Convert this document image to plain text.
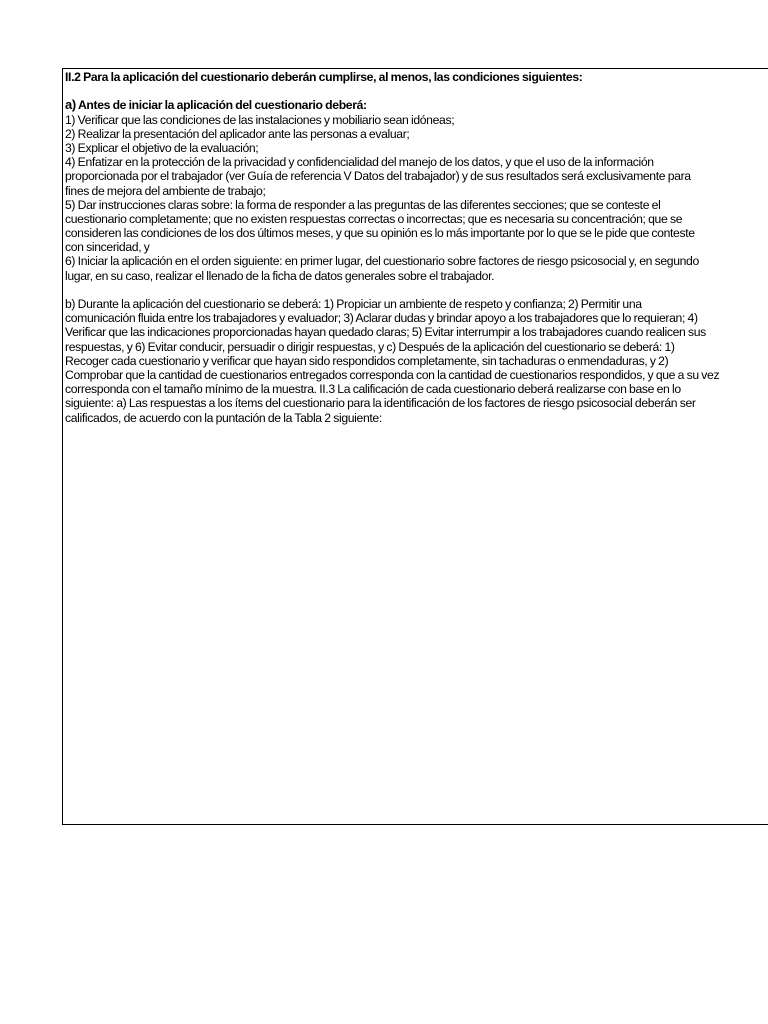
II.2 Para la aplicación del cuestionario deberán cumplirse, al menos, las condiciones siguientes:
a) Antes de iniciar la aplicación del cuestionario deberá:
1) Verificar que las condiciones de las instalaciones y mobiliario sean idóneas;
2) Realizar la presentación del aplicador ante las personas a evaluar;
3) Explicar el objetivo de la evaluación;
4) Enfatizar en la protección de la privacidad y confidencialidad del manejo de los datos, y que el uso de la información
proporcionada por el trabajador (ver Guía de referencia V Datos del trabajador) y de sus resultados será exclusivamente para
fines de mejora del ambiente de trabajo;
5) Dar instrucciones claras sobre: la forma de responder a las preguntas de las diferentes secciones; que se conteste el
cuestionario completamente; que no existen respuestas correctas o incorrectas; que es necesaria su concentración; que se
consideren las condiciones de los dos últimos meses, y que su opinión es lo más importante por lo que se le pide que conteste
con sinceridad, y
6) Iniciar la aplicación en el orden siguiente: en primer lugar, del cuestionario sobre factores de riesgo psicosocial y, en segundo
lugar, en su caso, realizar el llenado de la ficha de datos generales sobre el trabajador.
b) Durante la aplicación del cuestionario se deberá: 1) Propiciar un ambiente de respeto y confianza; 2) Permitir una
comunicación fluida entre los trabajadores y evaluador; 3) Aclarar dudas y brindar apoyo a los trabajadores que lo requieran; 4)
Verificar que las indicaciones proporcionadas hayan quedado claras; 5) Evitar interrumpir a los trabajadores cuando realicen sus
respuestas, y 6) Evitar conducir, persuadir o dirigir respuestas, y c) Después de la aplicación del cuestionario se deberá: 1)
Recoger cada cuestionario y verificar que hayan sido respondidos completamente, sin tachaduras o enmendaduras, y 2)
Comprobar que la cantidad de cuestionarios entregados corresponda con la cantidad de cuestionarios respondidos, y que a su vez
corresponda con el tamaño mínimo de la muestra. II.3 La calificación de cada cuestionario deberá realizarse con base en lo
siguiente: a) Las respuestas a los ítems del cuestionario para la identificación de los factores de riesgo psicosocial deberán ser
calificados, de acuerdo con la puntación de la Tabla 2 siguiente:
